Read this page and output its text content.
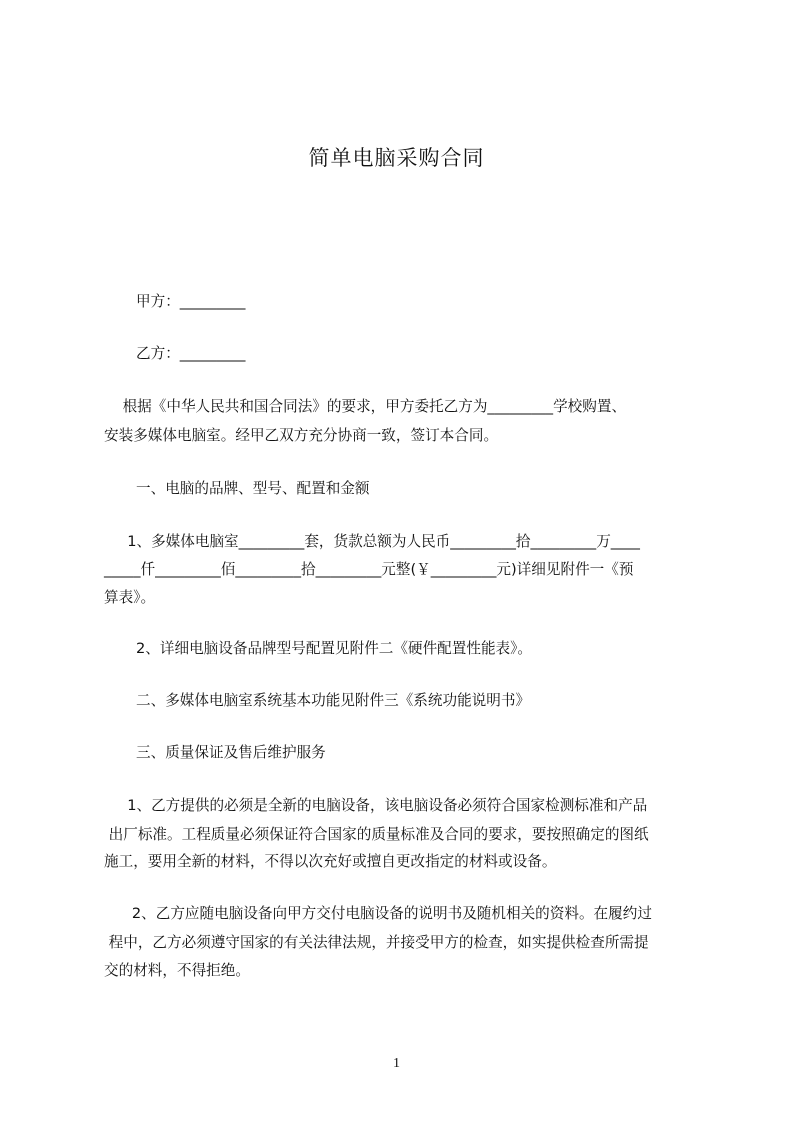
简单电脑采购合同
甲方：_________
乙方：_________
根据《中华人民共和国合同法》的要求，甲方委托乙方为_________学校购置、
安装多媒体电脑室。经甲乙双方充分协商一致，签订本合同。
一、电脑的品牌、型号、配置和金额
1、多媒体电脑室_________套，货款总额为人民币_________拾_________万____
_____仟_________佰_________拾_________元整(￥_________元)详细见附件一《预
算表》。
2、详细电脑设备品牌型号配置见附件二《硬件配置性能表》。
二、多媒体电脑室系统基本功能见附件三《系统功能说明书》
三、质量保证及售后维护服务
1、乙方提供的必须是全新的电脑设备，该电脑设备必须符合国家检测标准和产品
出厂标准。工程质量必须保证符合国家的质量标准及合同的要求，要按照确定的图纸
施工，要用全新的材料，不得以次充好或擅自更改指定的材料或设备。
2、乙方应随电脑设备向甲方交付电脑设备的说明书及随机相关的资料。在履约过
程中，乙方必须遵守国家的有关法律法规，并接受甲方的检查，如实提供检查所需提
交的材料，不得拒绝。
1
